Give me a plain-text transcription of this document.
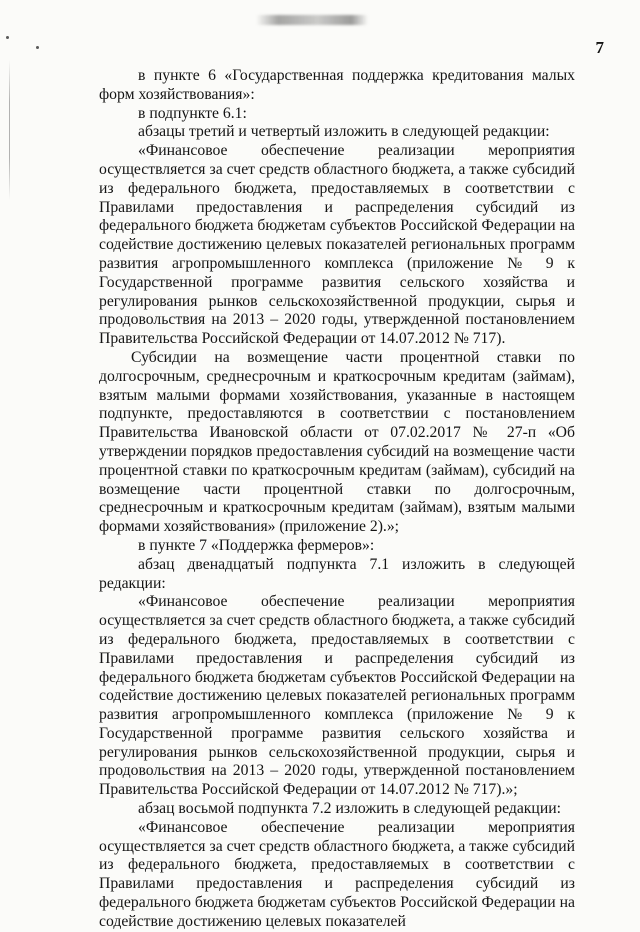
7

в пункте 6 «Государственная поддержка кредитования малых форм хозяйствования»:

в подпункте 6.1:

абзацы третий и четвертый изложить в следующей редакции:

«Финансовое обеспечение реализации мероприятия осуществляется за счет средств областного бюджета, а также субсидий из федерального бюджета, предоставляемых в соответствии с Правилами предоставления и распределения субсидий из федерального бюджета бюджетам субъектов Российской Федерации на содействие достижению целевых показателей региональных программ развития агропромышленного комплекса (приложение № 9 к Государственной программе развития сельского хозяйства и регулирования рынков сельскохозяйственной продукции, сырья и продовольствия на 2013 – 2020 годы, утвержденной постановлением Правительства Российской Федерации от 14.07.2012 № 717).

Субсидии на возмещение части процентной ставки по долгосрочным, среднесрочным и краткосрочным кредитам (займам), взятым малыми формами хозяйствования, указанные в настоящем подпункте, предоставляются в соответствии с постановлением Правительства Ивановской области от 07.02.2017 № 27-п «Об утверждении порядков предоставления субсидий на возмещение части процентной ставки по краткосрочным кредитам (займам), субсидий на возмещение части процентной ставки по долгосрочным, среднесрочным и краткосрочным кредитам (займам), взятым малыми формами хозяйствования» (приложение 2).»;

в пункте 7 «Поддержка фермеров»:

абзац двенадцатый подпункта 7.1 изложить в следующей редакции:

«Финансовое обеспечение реализации мероприятия осуществляется за счет средств областного бюджета, а также субсидий из федерального бюджета, предоставляемых в соответствии с Правилами предоставления и распределения субсидий из федерального бюджета бюджетам субъектов Российской Федерации на содействие достижению целевых показателей региональных программ развития агропромышленного комплекса (приложение № 9 к Государственной программе развития сельского хозяйства и регулирования рынков сельскохозяйственной продукции, сырья и продовольствия на 2013 – 2020 годы, утвержденной постановлением Правительства Российской Федерации от 14.07.2012 № 717).»;

абзац восьмой подпункта 7.2 изложить в следующей редакции:

«Финансовое обеспечение реализации мероприятия осуществляется за счет средств областного бюджета, а также субсидий из федерального бюджета, предоставляемых в соответствии с Правилами предоставления и распределения субсидий из федерального бюджета бюджетам субъектов Российской Федерации на содействие достижению целевых показателей
